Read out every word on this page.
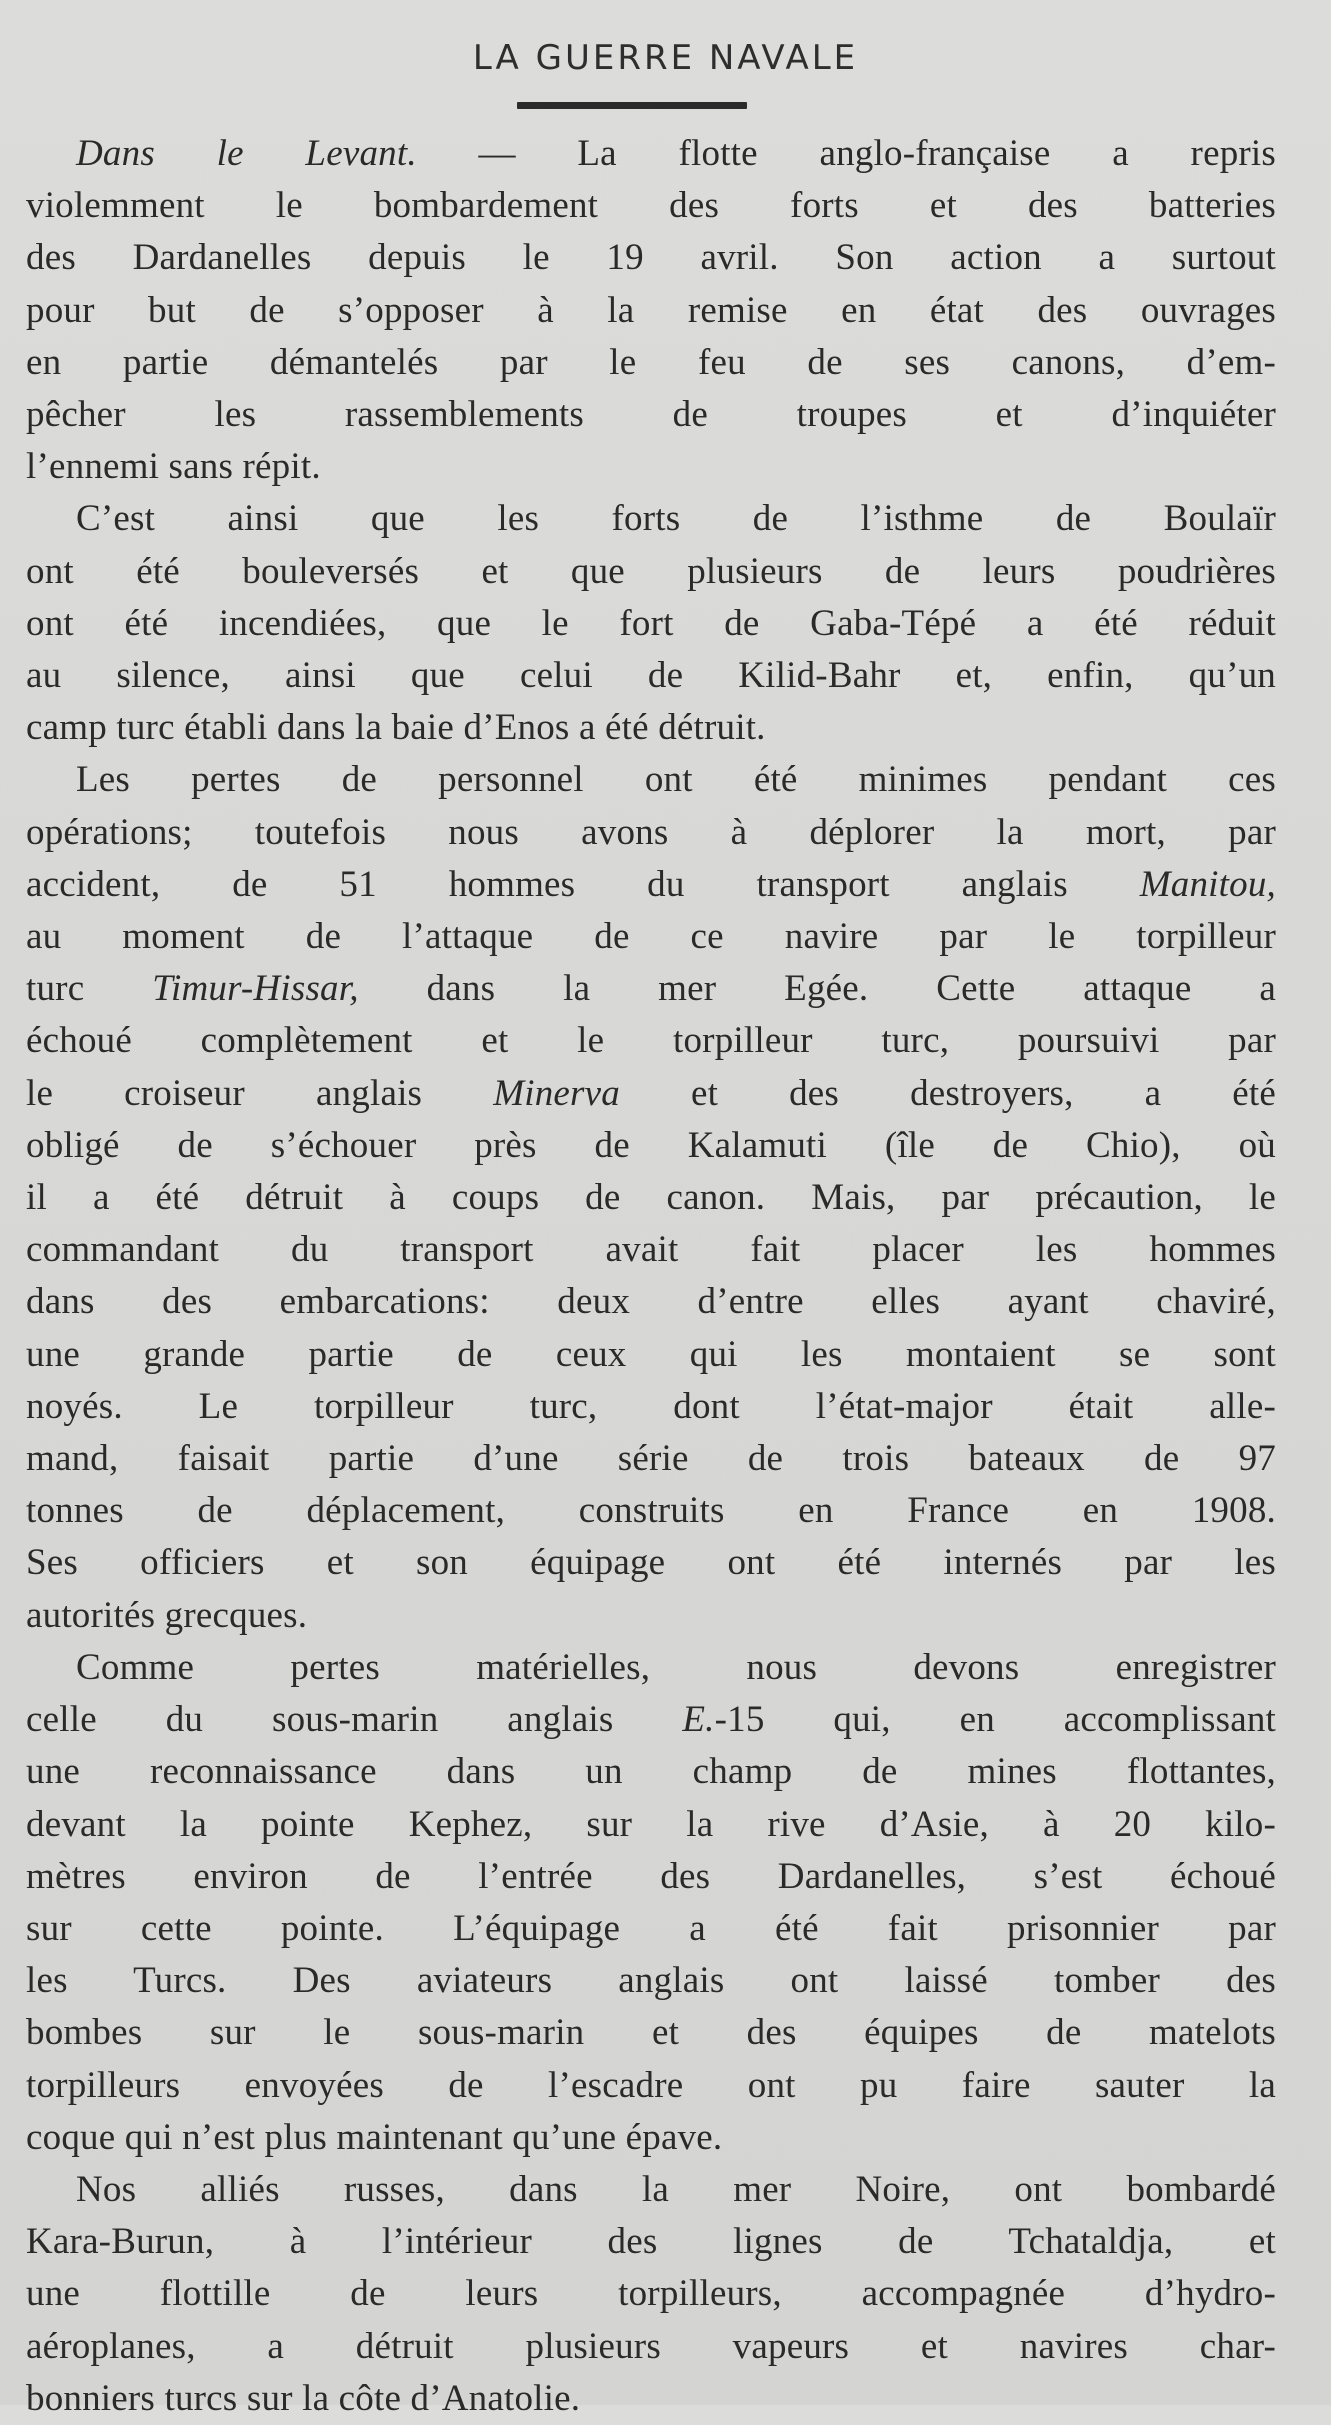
LA GUERRE NAVALE
Dans le Levant. — La flotte anglo-française a repris
violemment le bombardement des forts et des batteries
des Dardanelles depuis le 19 avril. Son action a surtout
pour but de s’opposer à la remise en état des ouvrages
en partie démantelés par le feu de ses canons, d’em-
pêcher les rassemblements de troupes et d’inquiéter
l’ennemi sans répit.
C’est ainsi que les forts de l’isthme de Boulaïr
ont été bouleversés et que plusieurs de leurs poudrières
ont été incendiées, que le fort de Gaba-Tépé a été réduit
au silence, ainsi que celui de Kilid-Bahr et, enfin, qu’un
camp turc établi dans la baie d’Enos a été détruit.
Les pertes de personnel ont été minimes pendant ces
opérations; toutefois nous avons à déplorer la mort, par
accident, de 51 hommes du transport anglais Manitou,
au moment de l’attaque de ce navire par le torpilleur
turc Timur-Hissar, dans la mer Egée. Cette attaque a
échoué complètement et le torpilleur turc, poursuivi par
le croiseur anglais Minerva et des destroyers, a été
obligé de s’échouer près de Kalamuti (île de Chio), où
il a été détruit à coups de canon. Mais, par précaution, le
commandant du transport avait fait placer les hommes
dans des embarcations: deux d’entre elles ayant chaviré,
une grande partie de ceux qui les montaient se sont
noyés. Le torpilleur turc, dont l’état-major était alle-
mand, faisait partie d’une série de trois bateaux de 97
tonnes de déplacement, construits en France en 1908.
Ses officiers et son équipage ont été internés par les
autorités grecques.
Comme pertes matérielles, nous devons enregistrer
celle du sous-marin anglais E.-15 qui, en accomplissant
une reconnaissance dans un champ de mines flottantes,
devant la pointe Kephez, sur la rive d’Asie, à 20 kilo-
mètres environ de l’entrée des Dardanelles, s’est échoué
sur cette pointe. L’équipage a été fait prisonnier par
les Turcs. Des aviateurs anglais ont laissé tomber des
bombes sur le sous-marin et des équipes de matelots
torpilleurs envoyées de l’escadre ont pu faire sauter la
coque qui n’est plus maintenant qu’une épave.
Nos alliés russes, dans la mer Noire, ont bombardé
Kara-Burun, à l’intérieur des lignes de Tchataldja, et
une flottille de leurs torpilleurs, accompagnée d’hydro-
aéroplanes, a détruit plusieurs vapeurs et navires char-
bonniers turcs sur la côte d’Anatolie.
